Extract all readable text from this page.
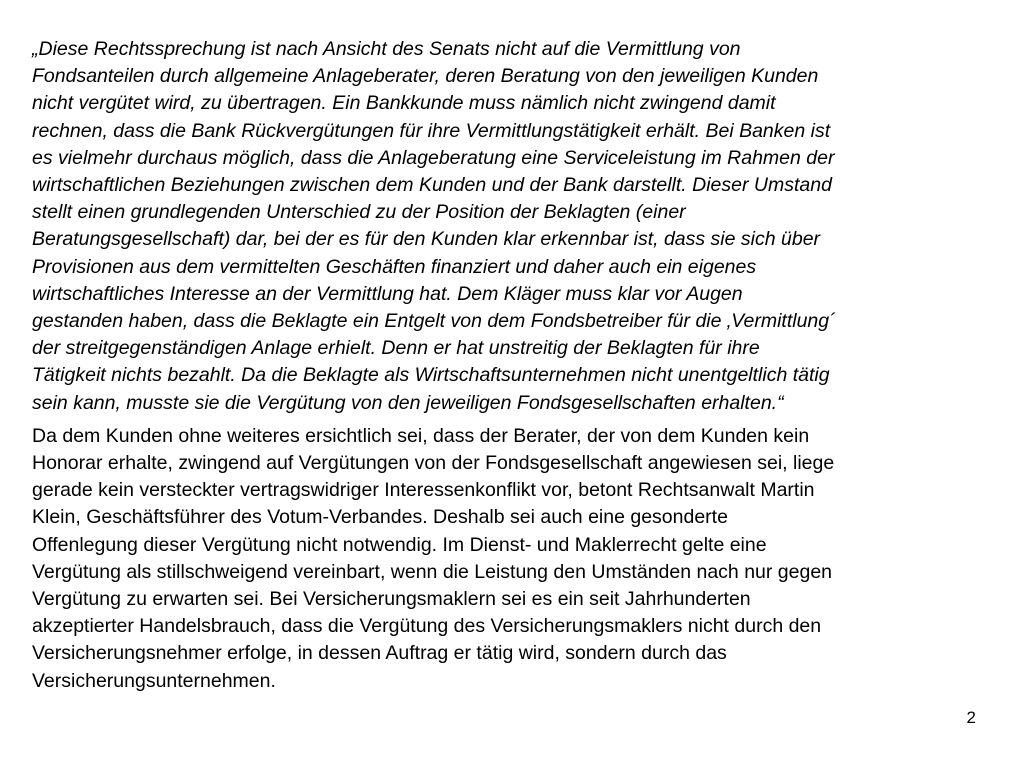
„Diese Rechtssprechung ist nach Ansicht des Senats nicht auf die Vermittlung von
Fondsanteilen durch allgemeine Anlageberater, deren Beratung von den jeweiligen Kunden
nicht vergütet wird, zu übertragen. Ein Bankkunde muss nämlich nicht zwingend damit
rechnen, dass die Bank Rückvergütungen für ihre Vermittlungstätigkeit erhält. Bei Banken ist
es vielmehr durchaus möglich, dass die Anlageberatung eine Serviceleistung im Rahmen der
wirtschaftlichen Beziehungen zwischen dem Kunden und der Bank darstellt. Dieser Umstand
stellt einen grundlegenden Unterschied zu der Position der Beklagten (einer
Beratungsgesellschaft) dar, bei der es für den Kunden klar erkennbar ist, dass sie sich über
Provisionen aus dem vermittelten Geschäften finanziert und daher auch ein eigenes
wirtschaftliches Interesse an der Vermittlung hat. Dem Kläger muss klar vor Augen
gestanden haben, dass die Beklagte ein Entgelt von dem Fondsbetreiber für die ‚Vermittlung´
der streitgegenständigen Anlage erhielt. Denn er hat unstreitig der Beklagten für ihre
Tätigkeit nichts bezahlt. Da die Beklagte als Wirtschaftsunternehmen nicht unentgeltlich tätig
sein kann, musste sie die Vergütung von den jeweiligen Fondsgesellschaften erhalten.“

Da dem Kunden ohne weiteres ersichtlich sei, dass der Berater, der von dem Kunden kein
Honorar erhalte, zwingend auf Vergütungen von der Fondsgesellschaft angewiesen sei, liege
gerade kein versteckter vertragswidriger Interessenkonflikt vor, betont Rechtsanwalt Martin
Klein, Geschäftsführer des Votum-Verbandes. Deshalb sei auch eine gesonderte
Offenlegung dieser Vergütung nicht notwendig. Im Dienst- und Maklerrecht gelte eine
Vergütung als stillschweigend vereinbart, wenn die Leistung den Umständen nach nur gegen
Vergütung zu erwarten sei. Bei Versicherungsmaklern sei es ein seit Jahrhunderten
akzeptierter Handelsbrauch, dass die Vergütung des Versicherungsmaklers nicht durch den
Versicherungsnehmer erfolge, in dessen Auftrag er tätig wird, sondern durch das
Versicherungsunternehmen.

2
